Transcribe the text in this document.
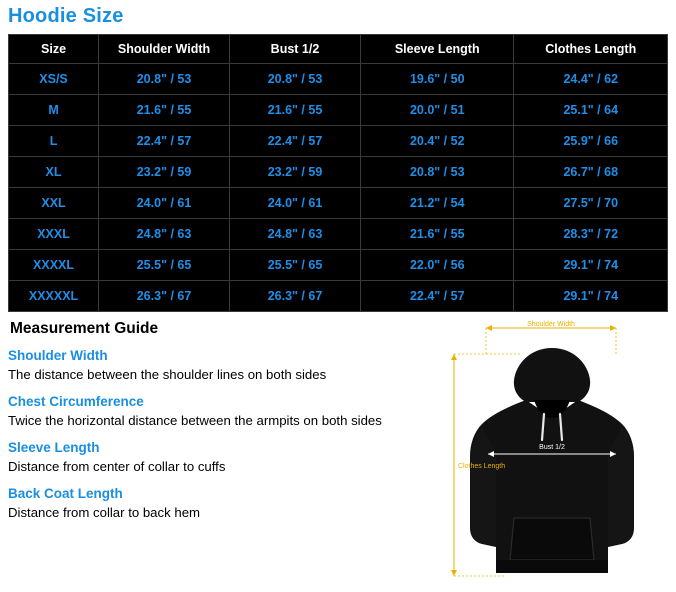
Hoodie Size
Size	Shoulder Width	Bust 1/2	Sleeve Length	Clothes Length
XS/S	20.8" / 53	20.8" / 53	19.6" / 50	24.4" / 62
M	21.6" / 55	21.6" / 55	20.0" / 51	25.1" / 64
L	22.4" / 57	22.4" / 57	20.4" / 52	25.9" / 66
XL	23.2" / 59	23.2" / 59	20.8" / 53	26.7" / 68
XXL	24.0" / 61	24.0" / 61	21.2" / 54	27.5" / 70
XXXL	24.8" / 63	24.8" / 63	21.6" / 55	28.3" / 72
XXXXL	25.5" / 65	25.5" / 65	22.0" / 56	29.1" / 74
XXXXXL	26.3" / 67	26.3" / 67	22.4" / 57	29.1" / 74
Measurement Guide
Shoulder Width
The distance between the shoulder lines on both sides
Chest Circumference
Twice the horizontal distance between the armpits on both sides
Sleeve Length
Distance from center of collar to cuffs
Back Coat Length
Distance from collar to back hem
Shoulder Width
Bust 1/2
Clothes Length
